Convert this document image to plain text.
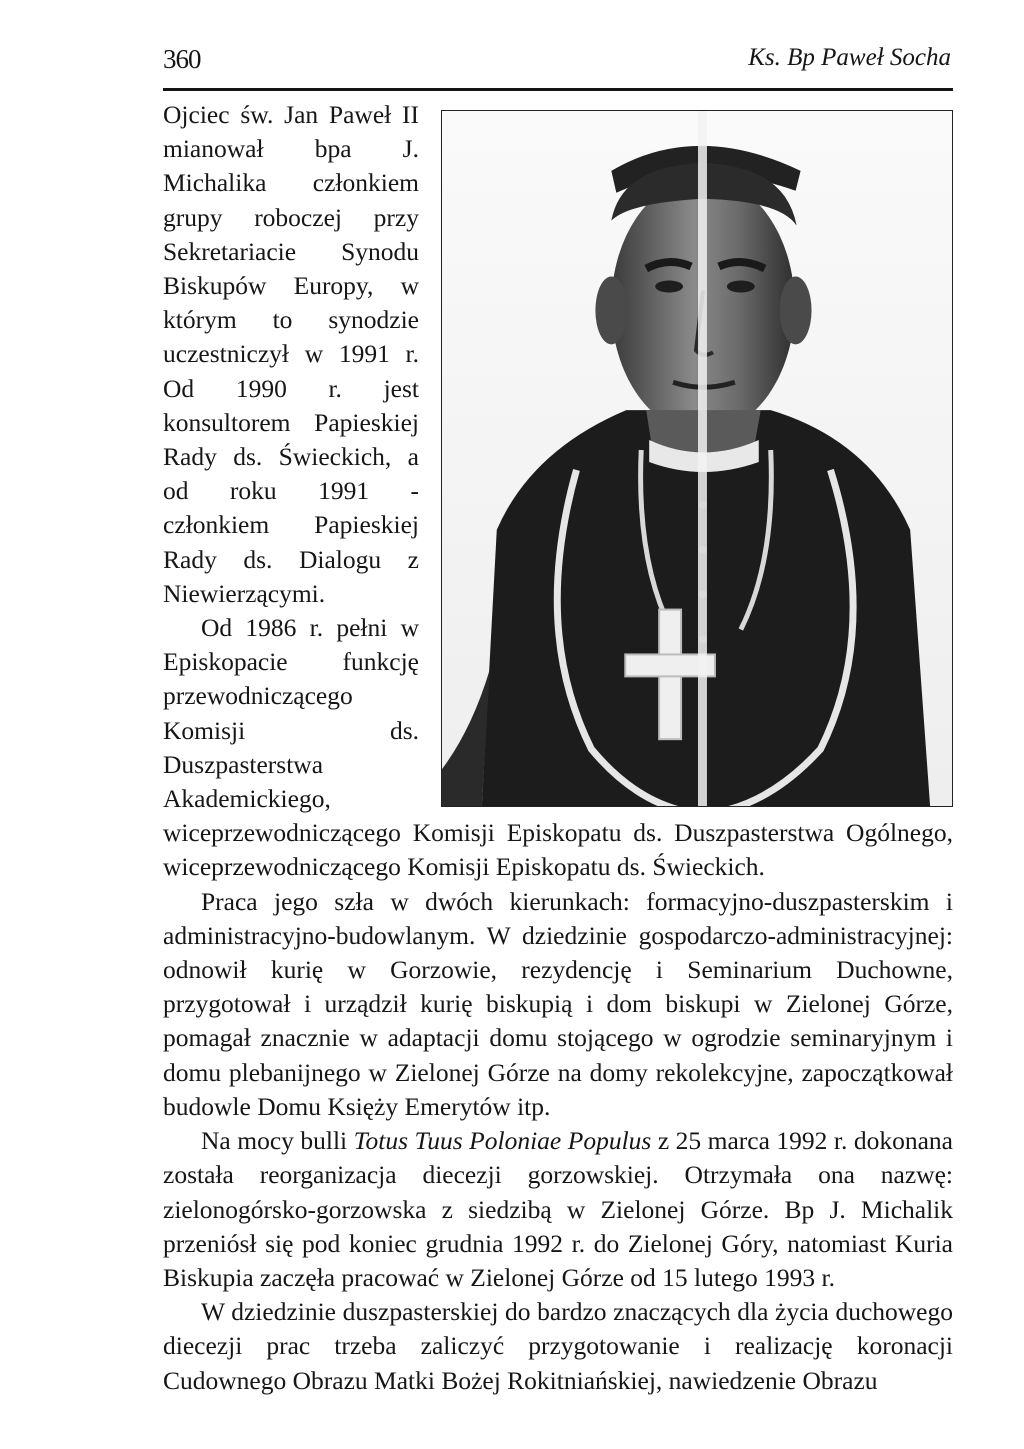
360	Ks. Bp Paweł Socha

Ojciec św. Jan Paweł II mianował bpa J. Michalika członkiem grupy roboczej przy Sekretariacie Synodu Biskupów Europy, w którym to synodzie uczestniczył w 1991 r. Od 1990 r. jest konsultorem Papieskiej Rady ds. Świeckich, a od roku 1991 - członkiem Papieskiej Rady ds. Dialogu z Niewierzącymi.

Od 1986 r. pełni w Episkopacie funkcję przewodniczącego Komisji ds. Duszpasterstwa Akademickiego, wiceprzewodniczącego Komisji Episkopatu ds. Duszpasterstwa Ogólnego, wiceprzewodniczącego Komisji Episkopatu ds. Świeckich.

Praca jego szła w dwóch kierunkach: formacyjno-duszpasterskim i administracyjno-budowlanym. W dziedzinie gospodarczo-administracyjnej: odnowił kurię w Gorzowie, rezydencję i Seminarium Duchowne, przygotował i urządził kurię biskupią i dom biskupi w Zielonej Górze, pomagał znacznie w adaptacji domu stojącego w ogrodzie seminaryjnym i domu plebanijnego w Zielonej Górze na domy rekolekcyjne, zapoczątkował budowle Domu Księży Emerytów itp.

Na mocy bulli Totus Tuus Poloniae Populus z 25 marca 1992 r. dokonana została reorganizacja diecezji gorzowskiej. Otrzymała ona nazwę: zielonogórsko-gorzowska z siedzibą w Zielonej Górze. Bp J. Michalik przeniósł się pod koniec grudnia 1992 r. do Zielonej Góry, natomiast Kuria Biskupia zaczęła pracować w Zielonej Górze od 15 lutego 1993 r.

W dziedzinie duszpasterskiej do bardzo znaczących dla życia duchowego diecezji prac trzeba zaliczyć przygotowanie i realizację koronacji Cudownego Obrazu Matki Bożej Rokitniańskiej, nawiedzenie Obrazu
